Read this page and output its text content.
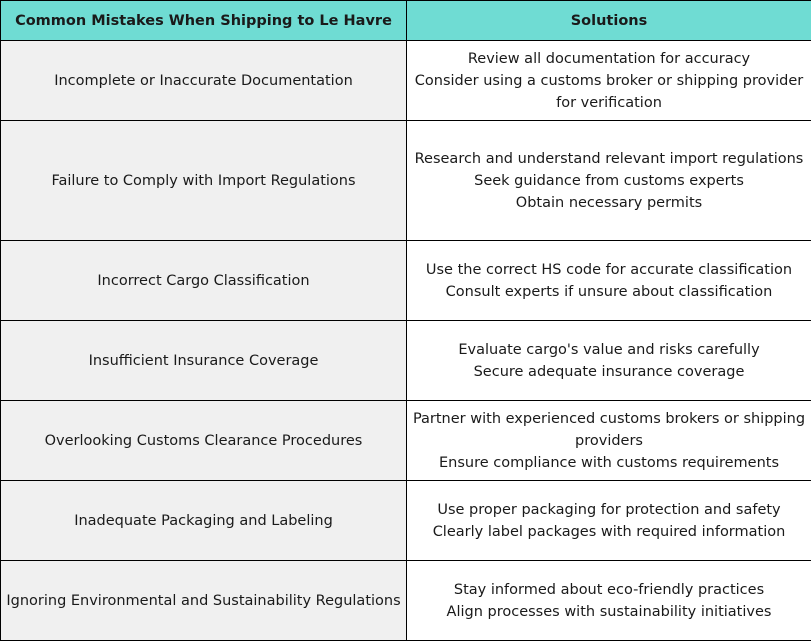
Common Mistakes When Shipping to Le Havre	Solutions
Incomplete or Inaccurate Documentation	Review all documentation for accuracy
Consider using a customs broker or shipping provider for verification

Failure to Comply with Import Regulations	Research and understand relevant import regulations
Seek guidance from customs experts
Obtain necessary permits

Incorrect Cargo Classification	Use the correct HS code for accurate classification
Consult experts if unsure about classification

Insufficient Insurance Coverage	Evaluate cargo's value and risks carefully
Secure adequate insurance coverage

Overlooking Customs Clearance Procedures	Partner with experienced customs brokers or shipping providers
Ensure compliance with customs requirements

Inadequate Packaging and Labeling	Use proper packaging for protection and safety
Clearly label packages with required information

Ignoring Environmental and Sustainability Regulations	Stay informed about eco-friendly practices
Align processes with sustainability initiatives
